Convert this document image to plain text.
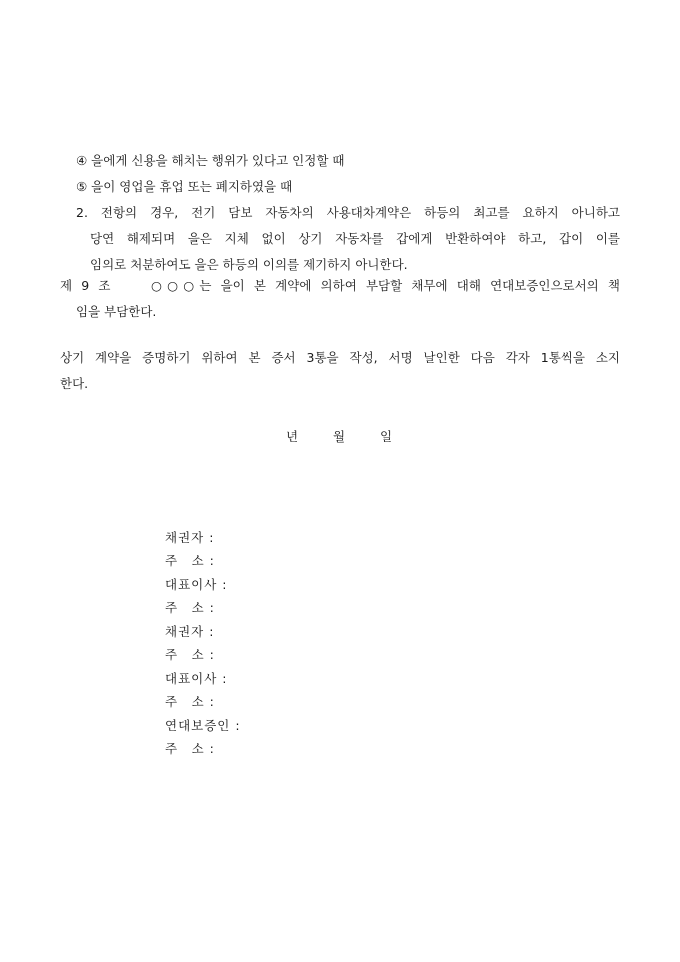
④ 을에게 신용을 해치는 행위가 있다고 인정할 때
⑤ 을이 영업을 휴업 또는 폐지하였을 때
2. 전항의 경우, 전기 담보 자동차의 사용대차계약은 하등의 최고를 요하지 아니하고
당연 해제되며 을은 지체 없이 상기 자동차를 갑에게 반환하여야 하고, 갑이 이를
임의로 처분하여도 을은 하등의 이의를 제기하지 아니한다.
제 9 조　　○○○는 을이 본 계약에 의하여 부담할 채무에 대해 연대보증인으로서의 책
임을 부담한다.
상기 계약을 증명하기 위하여 본 증서 3통을 작성, 서명 날인한 다음 각자 1통씩을 소지
한다.
년	월	일
채권자 :
주　소 :
대표이사 :
주　소 :
채권자 :
주　소 :
대표이사 :
주　소 :
연대보증인 :
주　소 :
